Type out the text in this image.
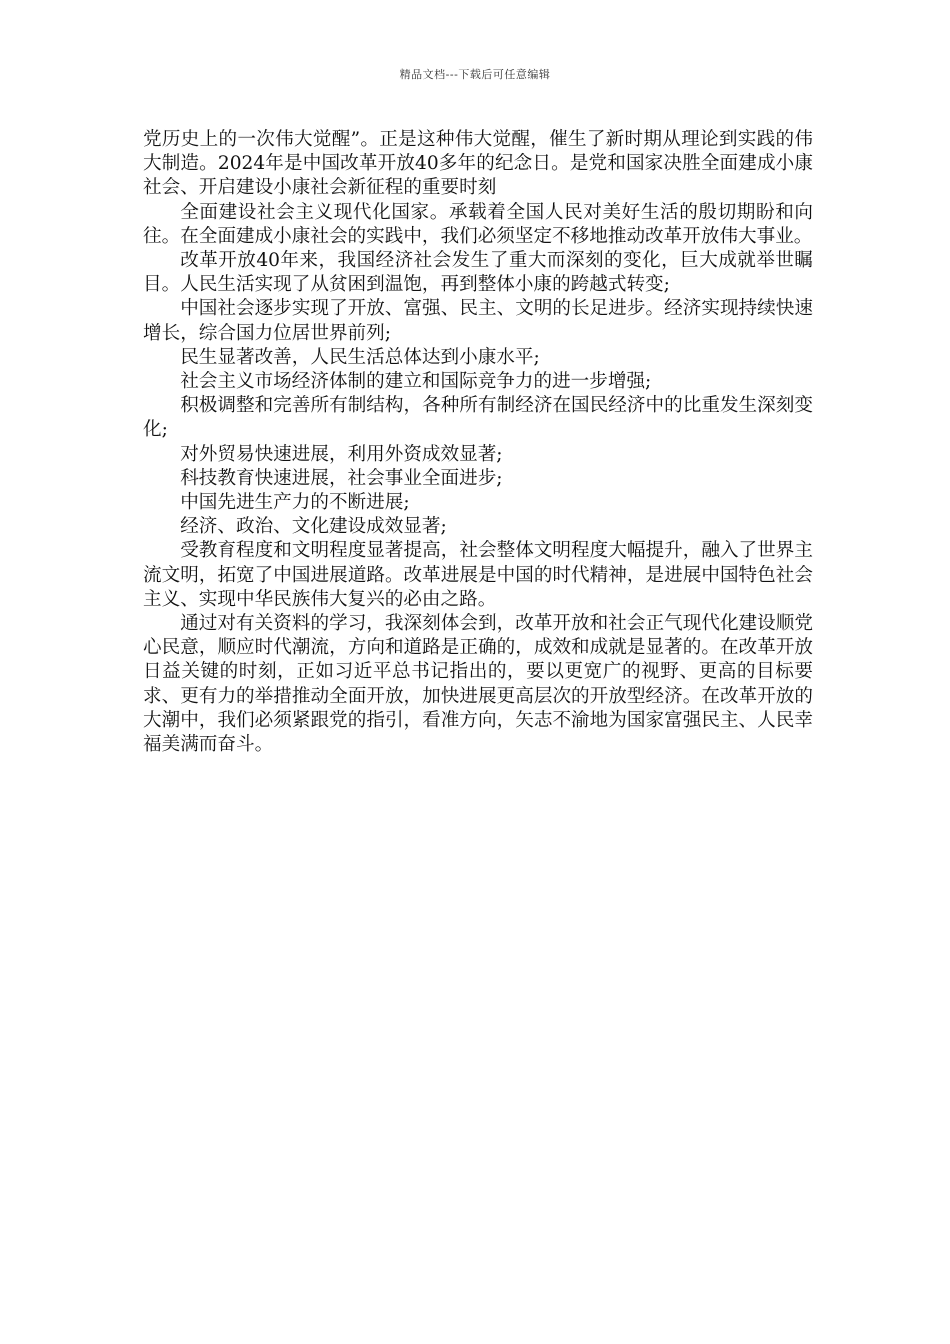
精品文档---下载后可任意编辑

党历史上的一次伟大觉醒”。正是这种伟大觉醒，催生了新时期从理论到实践的伟大制造。2024年是中国改革开放40多年的纪念日。是党和国家决胜全面建成小康社会、开启建设小康社会新征程的重要时刻

全面建设社会主义现代化国家。承载着全国人民对美好生活的殷切期盼和向往。在全面建成小康社会的实践中，我们必须坚定不移地推动改革开放伟大事业。

改革开放40年来，我国经济社会发生了重大而深刻的变化，巨大成就举世瞩目。人民生活实现了从贫困到温饱，再到整体小康的跨越式转变;

中国社会逐步实现了开放、富强、民主、文明的长足进步。经济实现持续快速增长，综合国力位居世界前列;

民生显著改善，人民生活总体达到小康水平;

社会主义市场经济体制的建立和国际竞争力的进一步增强;

积极调整和完善所有制结构，各种所有制经济在国民经济中的比重发生深刻变化;

对外贸易快速进展，利用外资成效显著;

科技教育快速进展，社会事业全面进步;

中国先进生产力的不断进展;

经济、政治、文化建设成效显著;

受教育程度和文明程度显著提高，社会整体文明程度大幅提升，融入了世界主流文明，拓宽了中国进展道路。改革进展是中国的时代精神，是进展中国特色社会主义、实现中华民族伟大复兴的必由之路。

通过对有关资料的学习，我深刻体会到，改革开放和社会正气现代化建设顺党心民意，顺应时代潮流，方向和道路是正确的，成效和成就是显著的。在改革开放日益关键的时刻，正如习近平总书记指出的，要以更宽广的视野、更高的目标要求、更有力的举措推动全面开放，加快进展更高层次的开放型经济。在改革开放的大潮中，我们必须紧跟党的指引，看准方向，矢志不渝地为国家富强民主、人民幸福美满而奋斗。
